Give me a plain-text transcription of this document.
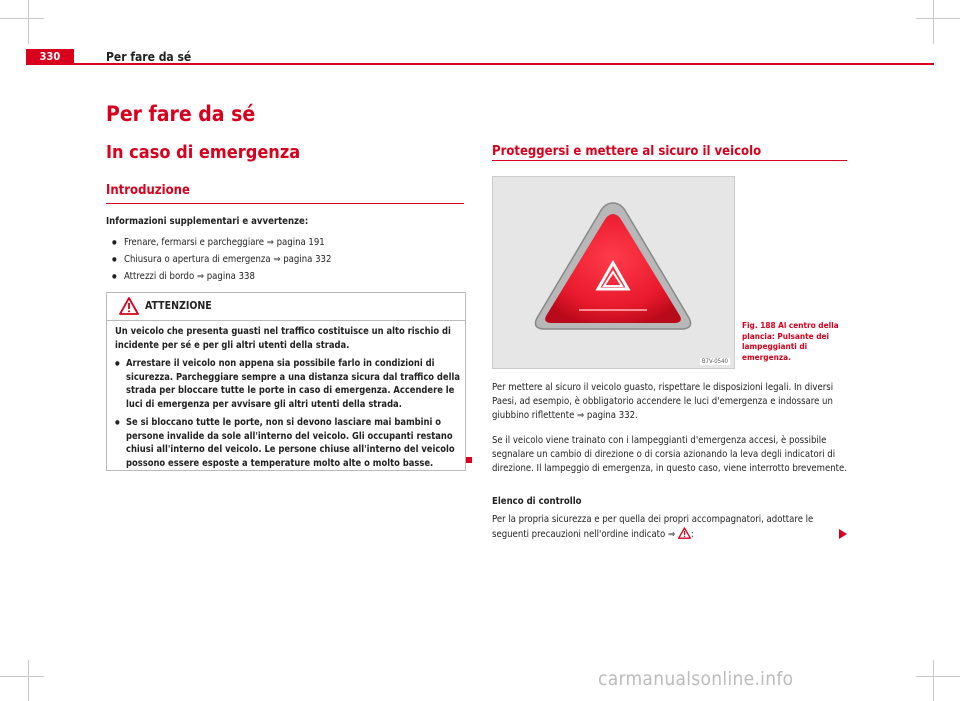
330	Per fare da sé
Per fare da sé
In caso di emergenza
Introduzione
Informazioni supplementari e avvertenze:
● Frenare, fermarsi e parcheggiare ⇒ pagina 191
● Chiusura o apertura di emergenza ⇒ pagina 332
● Attrezzi di bordo ⇒ pagina 338
ATTENZIONE

Un veicolo che presenta guasti nel traffico costituisce un alto rischio di incidente per sé e per gli altri utenti della strada.

● Arrestare il veicolo non appena sia possibile farlo in condizioni di sicurezza. Parcheggiare sempre a una distanza sicura dal traffico della strada per bloccare tutte le porte in caso di emergenza. Accendere le luci di emergenza per avvisare gli altri utenti della strada.

● Se si bloccano tutte le porte, non si devono lasciare mai bambini o persone invalide da sole all'interno del veicolo. Gli occupanti restano chiusi all'interno del veicolo. Le persone chiuse all'interno del veicolo possono essere esposte a temperature molto alte o molto basse.

Proteggersi e mettere al sicuro il veicolo
B7V-0540
Fig. 188 Al centro della plancia: Pulsante dei lampeggianti di emergenza.
Per mettere al sicuro il veicolo guasto, rispettare le disposizioni legali. In diversi Paesi, ad esempio, è obbligatorio accendere le luci d'emergenza e indossare un giubbino riflettente ⇒ pagina 332.
Se il veicolo viene trainato con i lampeggianti d'emergenza accesi, è possibile segnalare un cambio di direzione o di corsia azionando la leva degli indicatori di direzione. Il lampeggio di emergenza, in questo caso, viene interrotto brevemente.
Elenco di controllo
Per la propria sicurezza e per quella dei propri accompagnatori, adottare le seguenti precauzioni nell'ordine indicato ⇒ :
carmanualsonline.info
